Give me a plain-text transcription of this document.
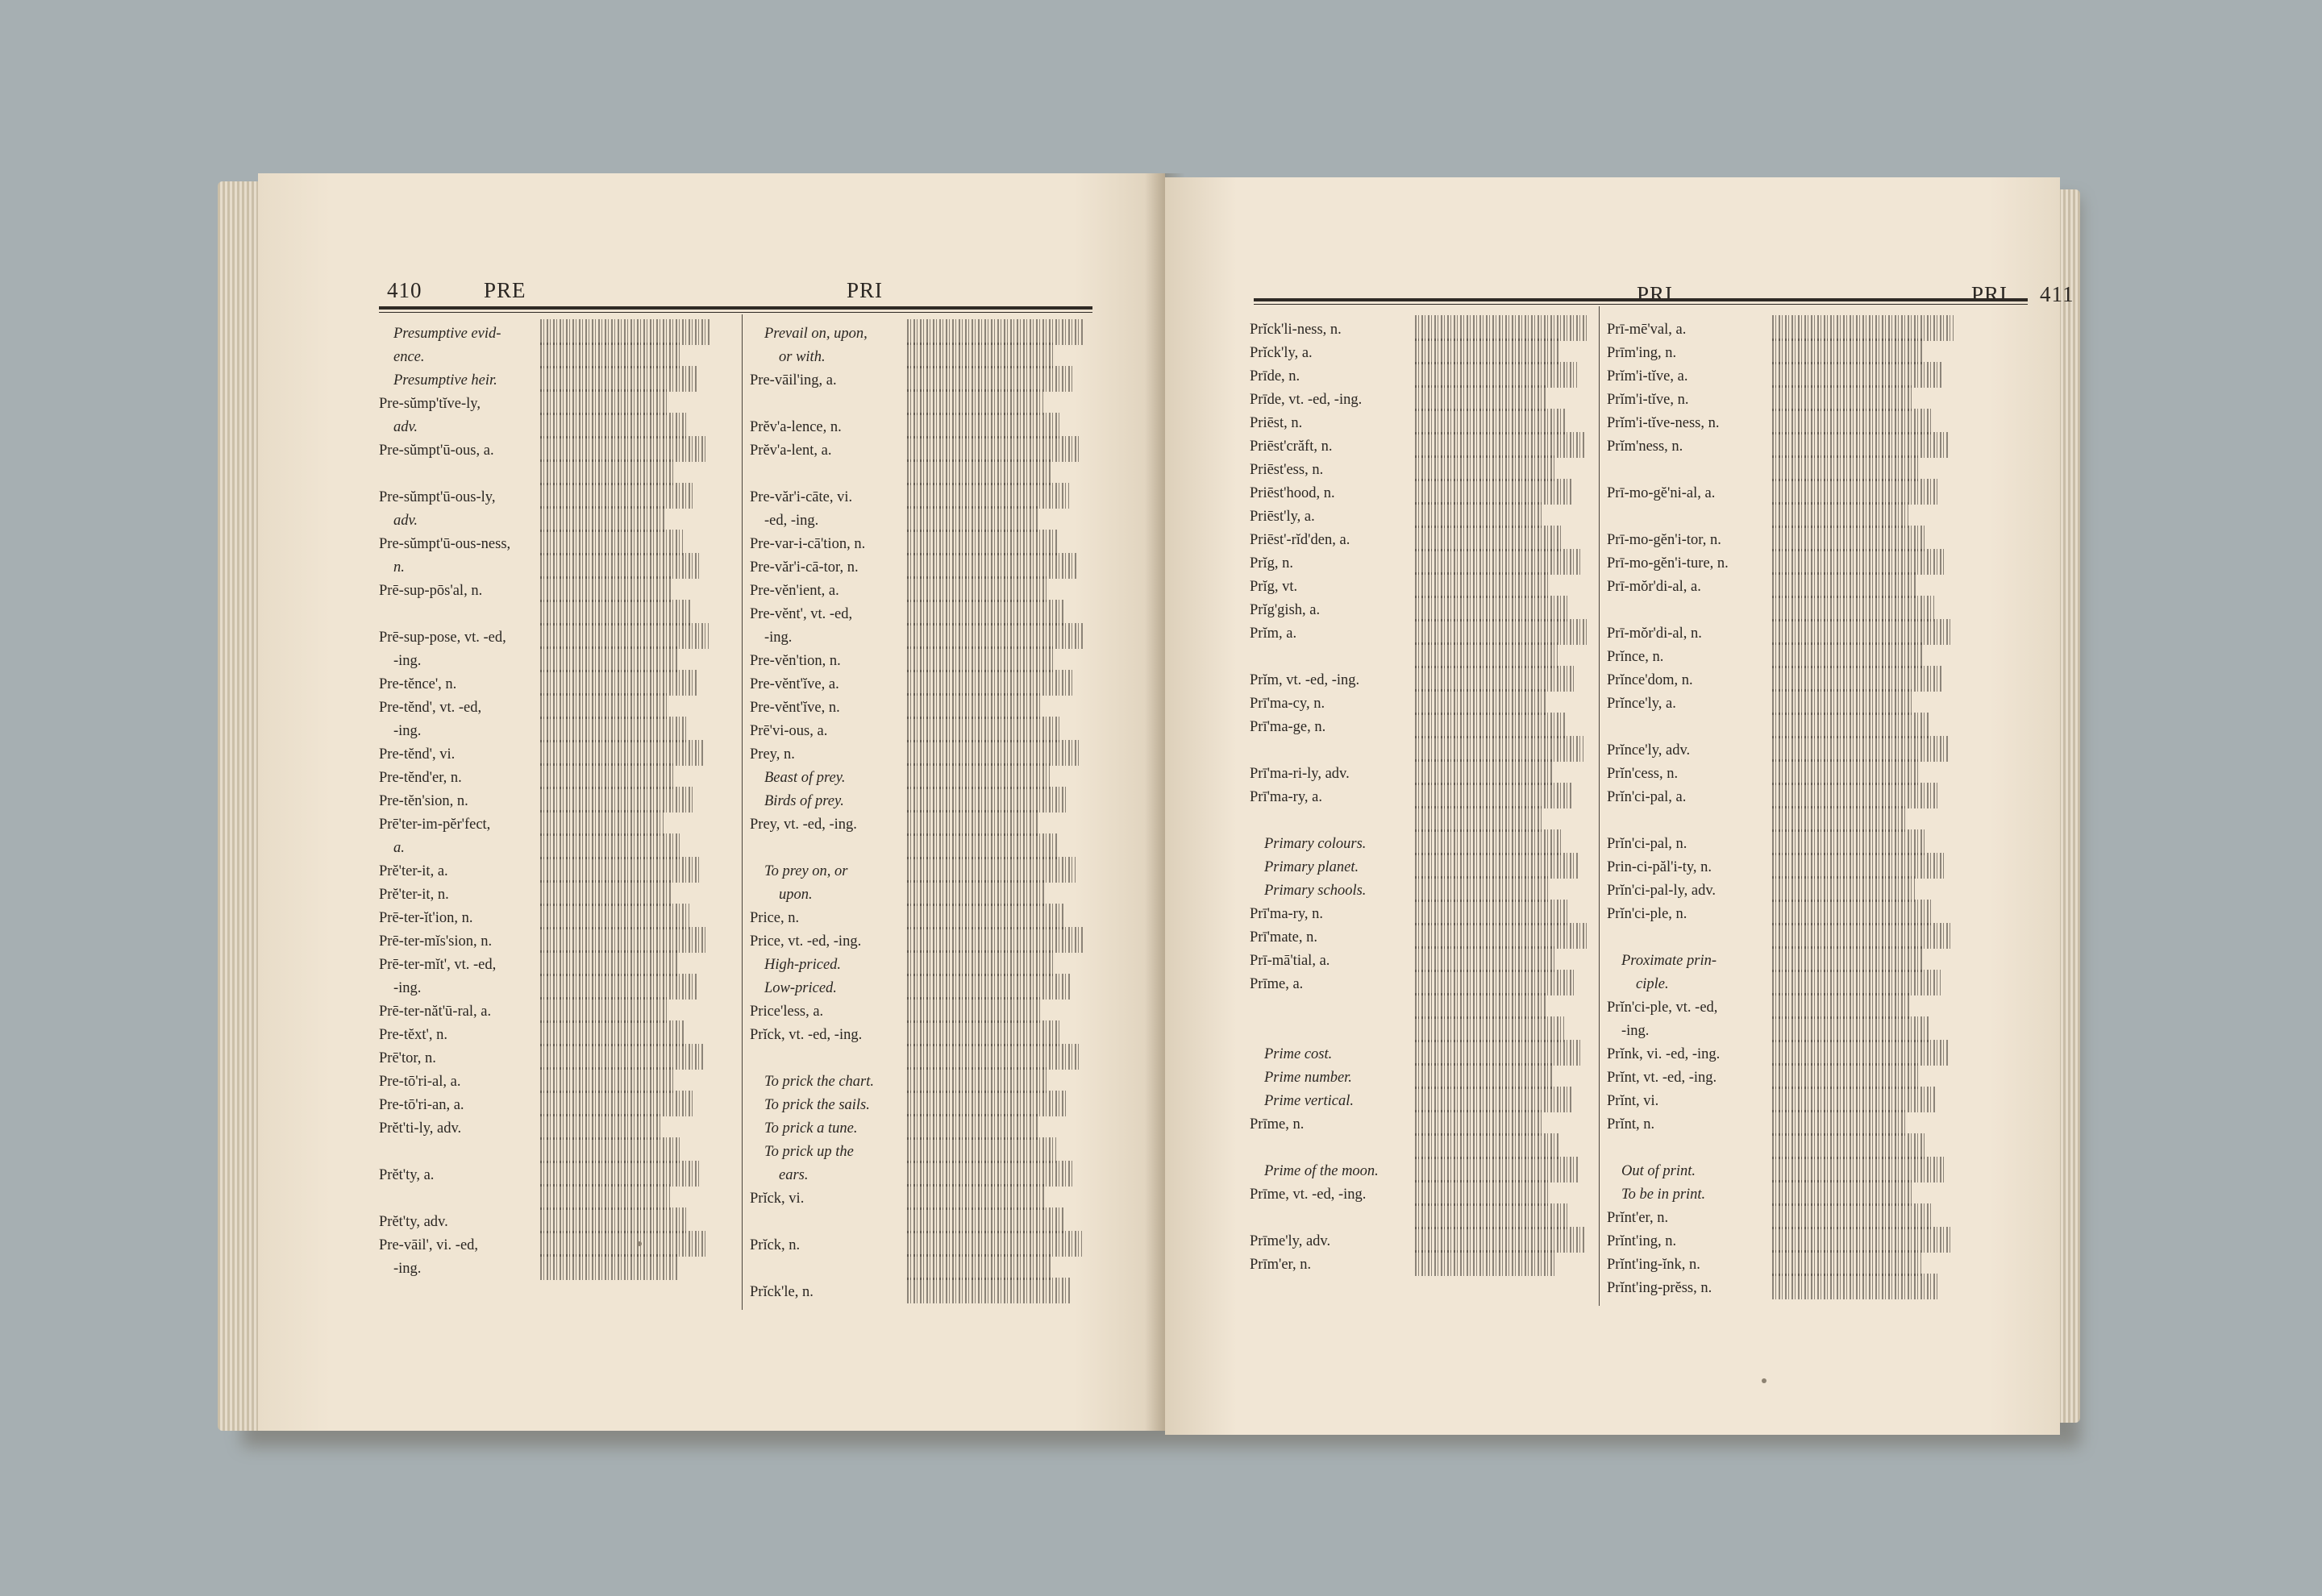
410	PRE	PRI
Presumptive evid-
ence.
Presumptive heir.
Pre-sŭmp'tĭve-ly,
adv.
Pre-sŭmpt'ū-ous, a.
Pre-sŭmpt'ū-ous-ly,
adv.
Pre-sŭmpt'ū-ous-ness,
n.
Prē-sup-pōs'al, n.
Prē-sup-pose, vt. -ed,
-ing.
Pre-tĕnce', n.
Pre-tĕnd', vt. -ed,
-ing.
Pre-tĕnd', vi.
Pre-tĕnd'er, n.
Pre-tĕn'sion, n.
Prē'ter-im-pĕr'fect,
a.
Prĕ'ter-it, a.
Prĕ'ter-it, n.
Prē-ter-ĭt'ion, n.
Prē-ter-mĭs'sion, n.
Prē-ter-mĭt', vt. -ed,
-ing.
Prē-ter-năt'ū-ral, a.
Pre-tĕxt', n.
Prē'tor, n.
Pre-tō'ri-al, a.
Pre-tō'ri-an, a.
Prĕt'ti-ly, adv.
Prĕt'ty, a.
Prĕt'ty, adv.
Pre-vāil', vi. -ed,
-ing.
Prevail on, upon,
or with.
Pre-vāil'ing, a.
Prĕv'a-lence, n.
Prĕv'a-lent, a.
Pre-văr'i-cāte, vi.
-ed, -ing.
Pre-var-i-cā'tion, n.
Pre-văr'i-cā-tor, n.
Pre-vĕn'ient, a.
Pre-vĕnt', vt. -ed,
-ing.
Pre-vĕn'tion, n.
Pre-vĕnt'ĭve, a.
Pre-vĕnt'ĭve, n.
Prē'vi-ous, a.
Prey, n.
Beast of prey.
Birds of prey.
Prey, vt. -ed, -ing.
To prey on, or
upon.
Price, n.
Price, vt. -ed, -ing.
High-priced.
Low-priced.
Price'less, a.
Prĭck, vt. -ed, -ing.
To prick the chart.
To prick the sails.
To prick a tune.
To prick up the
ears.
Prĭck, vi.
Prĭck, n.
Prĭck'le, n.
PRI	PRI 411
Prĭck'li-ness, n.
Prĭck'ly, a.
Prīde, n.
Prīde, vt. -ed, -ing.
Priēst, n.
Priēst'crăft, n.
Priēst'ess, n.
Priēst'hood, n.
Priēst'ly, a.
Priēst'-rĭd'den, a.
Prĭg, n.
Prĭg, vt.
Prĭg'gish, a.
Prĭm, a.
Prĭm, vt. -ed, -ing.
Prī'ma-cy, n.
Prī'ma-ge, n.
Prī'ma-ri-ly, adv.
Prī'ma-ry, a.
Primary colours.
Primary planet.
Primary schools.
Prī'ma-ry, n.
Prī'mate, n.
Prī-mā'tial, a.
Prīme, a.
Prime cost.
Prime number.
Prime vertical.
Prīme, n.
Prime of the moon.
Prīme, vt. -ed, -ing.
Prīme'ly, adv.
Prīm'er, n.
Prī-mē'val, a.
Prīm'ing, n.
Prĭm'i-tĭve, a.
Prĭm'i-tĭve, n.
Prĭm'i-tĭve-ness, n.
Prĭm'ness, n.
Prī-mo-gĕ'ni-al, a.
Prī-mo-gĕn'i-tor, n.
Prī-mo-gĕn'i-ture, n.
Prī-mŏr'di-al, a.
Prī-mŏr'di-al, n.
Prĭnce, n.
Prĭnce'dom, n.
Prĭnce'ly, a.
Prĭnce'ly, adv.
Prĭn'cess, n.
Prĭn'ci-pal, a.
Prĭn'ci-pal, n.
Prin-ci-păl'i-ty, n.
Prĭn'ci-pal-ly, adv.
Prĭn'ci-ple, n.
Proximate prin-
ciple.
Prĭn'ci-ple, vt. -ed,
-ing.
Prĭnk, vi. -ed, -ing.
Prĭnt, vt. -ed, -ing.
Prĭnt, vi.
Prĭnt, n.
Out of print.
To be in print.
Prĭnt'er, n.
Prĭnt'ing, n.
Prĭnt'ing-ĭnk, n.
Prĭnt'ing-prĕss, n.
